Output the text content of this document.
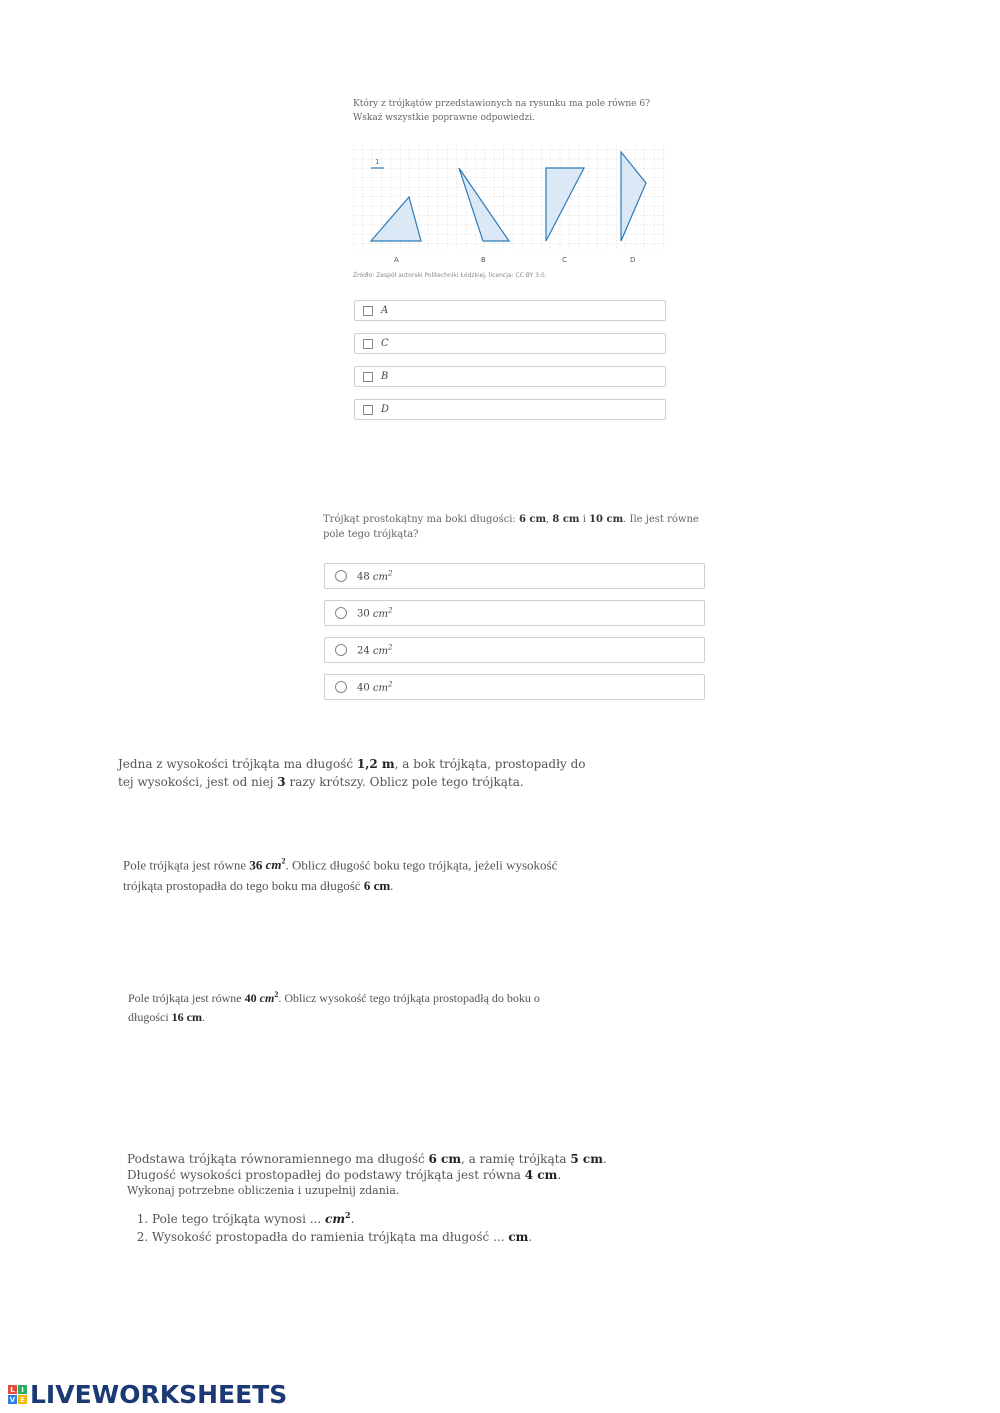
Który z trójkątów przedstawionych na rysunku ma pole równe 6?
Wskaż wszystkie poprawne odpowiedzi.
1
A	B	C	D
Źródło: Zespół autorski Politechniki Łódzkiej, licencja: CC BY 3.0.
A
C
B
D
Trójkąt prostokątny ma boki długości: 6 cm, 8 cm i 10 cm. Ile jest równe pole tego trójkąta?
48 $cm^2$
30 $cm^2$
24 $cm^2$
40 $cm^2$
Jedna z wysokości trójkąta ma długość 1,2 m, a bok trójkąta, prostopadły do tej wysokości, jest od niej 3 razy krótszy. Oblicz pole tego trójkąta.
Pole trójkąta jest równe 36 $cm^2$. Oblicz długość boku tego trójkąta, jeżeli wysokość trójkąta prostopadła do tego boku ma długość 6 cm.
Pole trójkąta jest równe 40 $cm^2$. Oblicz wysokość tego trójkąta prostopadłą do boku o długości 16 cm.
Podstawa trójkąta równoramiennego ma długość 6 cm, a ramię trójkąta 5 cm.
Długość wysokości prostopadłej do podstawy trójkąta jest równa 4 cm.
Wykonaj potrzebne obliczenia i uzupełnij zdania.
1. Pole tego trójkąta wynosi ... $cm^2$.
2. Wysokość prostopadła do ramienia trójkąta ma długość ... cm.
L I
V E LIVEWORKSHEETS
